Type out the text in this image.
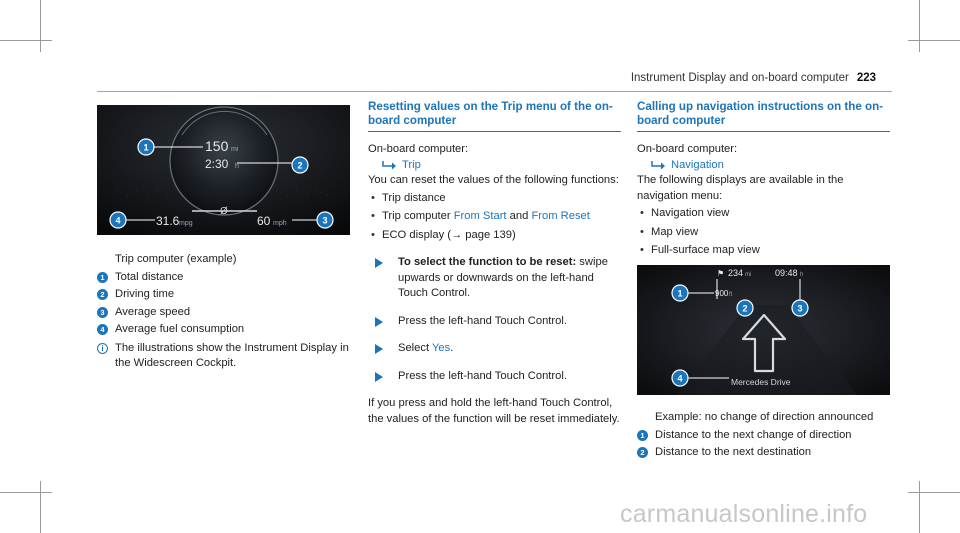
Instrument Display and on-board computer 223
150 mi
2:30 h
Ø
31.6 mpg	60 mph
1
2
3
4
Trip computer (example)
1 Total distance
2 Driving time
3 Average speed
4 Average fuel consumption
i	The illustrations show the Instrument Display in the Widescreen Cockpit.
Resetting values on the Trip menu of the on-board computer
On-board computer:
Trip
You can reset the values of the following functions:
• Trip distance
• Trip computer From Start and From Reset
• ECO display (→ page 139)
To select the function to be reset: swipe upwards or downwards on the left-hand Touch Control.
Press the left-hand Touch Control.
Select Yes.
Press the left-hand Touch Control.
If you press and hold the left-hand Touch Control, the values of the function will be reset immediately.
Calling up navigation instructions on the on-board computer
On-board computer:
Navigation
The following displays are available in the navigation menu:
• Navigation view
• Map view
• Full-surface map view
⚑ 234 mi	09:48 h
900 ft
Mercedes Drive
1
2	3
4
Example: no change of direction announced
1 Distance to the next change of direction
2 Distance to the next destination
carmanualsonline.info
